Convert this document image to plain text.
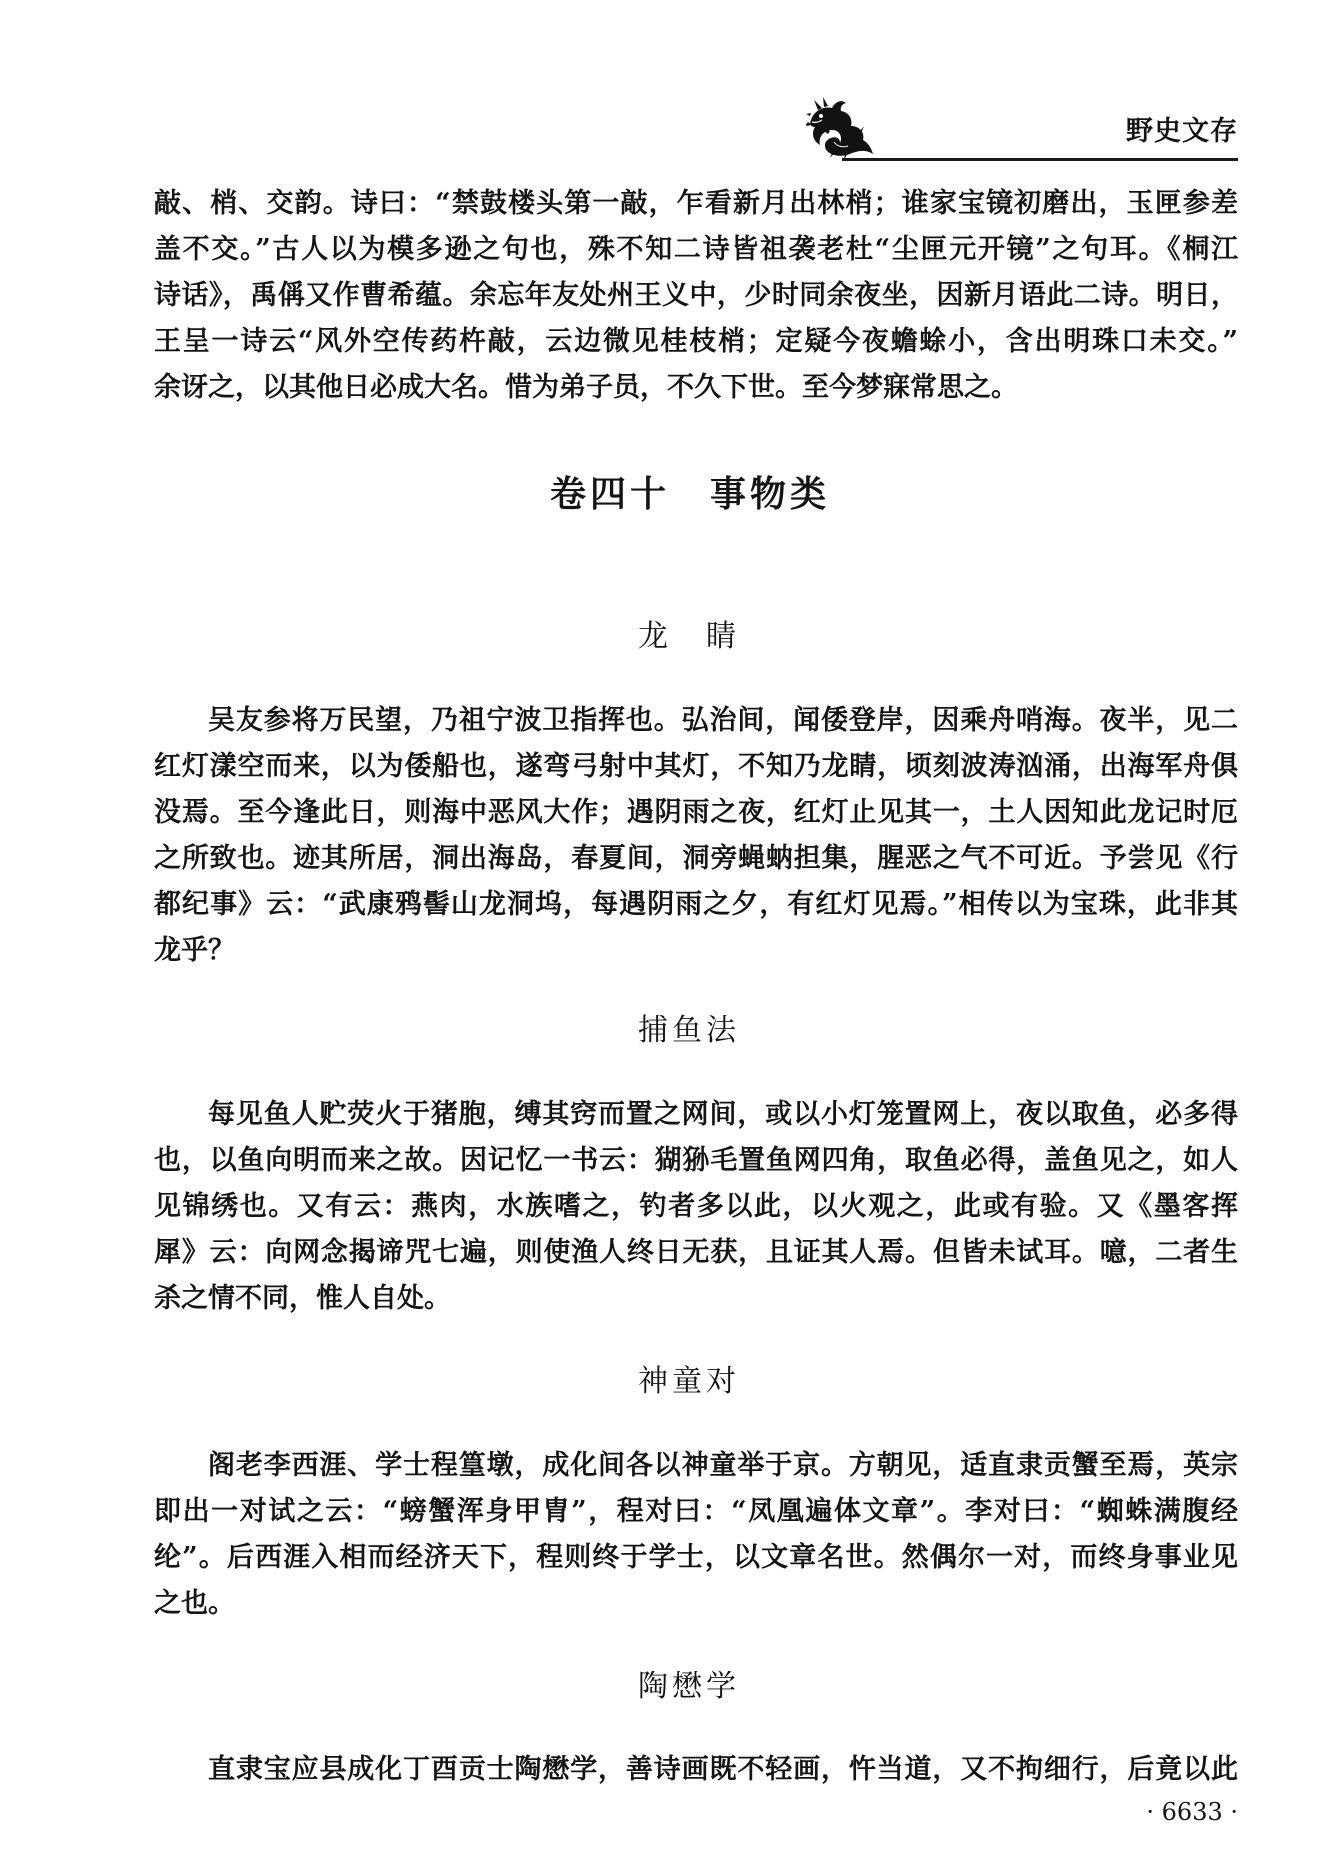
野史文存
敲、梢、交韵。诗曰：“禁鼓楼头第一敲，乍看新月出林梢；谁家宝镜初磨出，玉匣参差
盖不交。”古人以为模多逊之句也，殊不知二诗皆祖袭老杜“尘匣元开镜”之句耳。《桐江
诗话》，禹偁又作曹希蕴。余忘年友处州王义中，少时同余夜坐，因新月语此二诗。明日，
王呈一诗云“风外空传药杵敲，云边微见桂枝梢；定疑今夜蟾蜍小，含出明珠口未交。”
余讶之，以其他日必成大名。惜为弟子员，不久下世。至今梦寐常思之。
卷四十　事物类
龙　睛
吴友参将万民望，乃祖宁波卫指挥也。弘治间，闻倭登岸，因乘舟哨海。夜半，见二
红灯漾空而来，以为倭船也，遂弯弓射中其灯，不知乃龙睛，顷刻波涛汹涌，出海军舟俱
没焉。至今逢此日，则海中恶风大作；遇阴雨之夜，红灯止见其一，土人因知此龙记时厄
之所致也。迹其所居，洞出海岛，春夏间，洞旁蝇蚋担集，腥恶之气不可近。予尝见《行
都纪事》云：“武康鸦髻山龙洞坞，每遇阴雨之夕，有红灯见焉。”相传以为宝珠，此非其
龙乎？
捕鱼法
每见鱼人贮荧火于猪胞，缚其窍而置之网间，或以小灯笼置网上，夜以取鱼，必多得
也，以鱼向明而来之故。因记忆一书云：猢狲毛置鱼网四角，取鱼必得，盖鱼见之，如人
见锦绣也。又有云：燕肉，水族嗜之，钓者多以此，以火观之，此或有验。又《墨客挥
犀》云：向网念揭谛咒七遍，则使渔人终日无获，且证其人焉。但皆未试耳。噫，二者生
杀之情不同，惟人自处。
神童对
阁老李西涯、学士程篁墩，成化间各以神童举于京。方朝见，适直隶贡蟹至焉，英宗
即出一对试之云：“螃蟹浑身甲胄”，程对曰：“凤凰遍体文章”。李对曰：“蜘蛛满腹经
纶”。后西涯入相而经济天下，程则终于学士，以文章名世。然偶尔一对，而终身事业见
之也。
陶懋学
直隶宝应县成化丁酉贡士陶懋学，善诗画既不轻画，忤当道，又不拘细行，后竟以此
· 6633 ·
